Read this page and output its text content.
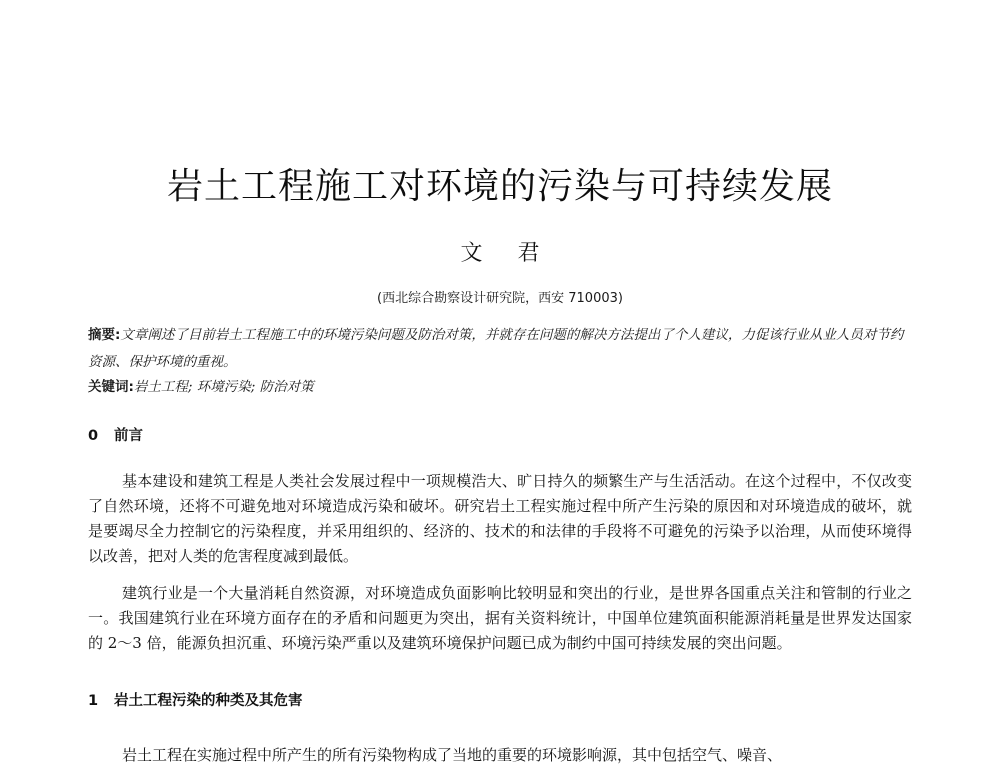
岩土工程施工对环境的污染与可持续发展
文 君
(西北综合勘察设计研究院，西安 710003)
摘要:文章阐述了目前岩土工程施工中的环境污染问题及防治对策，并就存在问题的解决方法提出了个人建议，力促该行业从业人员对节约资源、保护环境的重视。
关键词:岩土工程; 环境污染; 防治对策
0 前言

基本建设和建筑工程是人类社会发展过程中一项规模浩大、旷日持久的频繁生产与生活活动。在这个过程中，不仅改变了自然环境，还将不可避免地对环境造成污染和破坏。研究岩土工程实施过程中所产生污染的原因和对环境造成的破坏，就是要竭尽全力控制它的污染程度，并采用组织的、经济的、技术的和法律的手段将不可避免的污染予以治理，从而使环境得以改善，把对人类的危害程度减到最低。

建筑行业是一个大量消耗自然资源，对环境造成负面影响比较明显和突出的行业，是世界各国重点关注和管制的行业之一。我国建筑行业在环境方面存在的矛盾和问题更为突出，据有关资料统计，中国单位建筑面积能源消耗量是世界发达国家的 2～3 倍，能源负担沉重、环境污染严重以及建筑环境保护问题已成为制约中国可持续发展的突出问题。

1 岩土工程污染的种类及其危害

岩土工程在实施过程中所产生的所有污染物构成了当地的重要的环境影响源，其中包括空气、噪音、
